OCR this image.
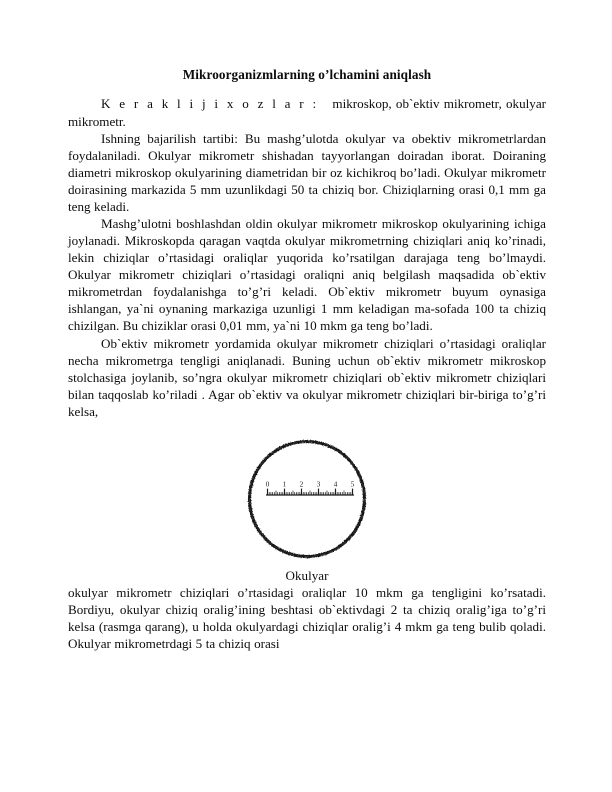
Mikroorganizmlarning o’lchamini aniqlash

K e r a k l i j i x o z l a r : mikroskop, ob`ektiv mikrometr, okulyar mikrometr.

Ishning bajarilish tartibi: Bu mashg’ulotda okulyar va obektiv mikrometrlardan foydalaniladi. Okulyar mikrometr shishadan tayyorlangan doiradan iborat. Doiraning diametri mikroskop okulyarining diametridan bir oz kichikroq bo’ladi. Okulyar mikrometr doirasining markazida 5 mm uzunlikdagi 50 ta chiziq bor. Chiziqlarning orasi 0,1 mm ga teng keladi.

Mashg’ulotni boshlashdan oldin okulyar mikrometr mikroskop okulyarining ichiga joylanadi. Mikroskopda qaragan vaqtda okulyar mikrometrning chiziqlari aniq ko’rinadi, lekin chiziqlar o’rtasidagi oraliqlar yuqorida ko’rsatilgan darajaga teng bo’lmaydi. Okulyar mikrometr chiziqlari o’rtasidagi oraliqni aniq belgilash maqsadida ob`ektiv mikrometrdan foydalanishga to’g’ri keladi. Ob`ektiv mikrometr buyum oynasiga ishlangan, ya`ni oynaning markaziga uzunligi 1 mm keladigan ma-sofada 100 ta chiziq chizilgan. Bu chiziklar orasi 0,01 mm, ya`ni 10 mkm ga teng bo’ladi.

Ob`ektiv mikrometr yordamida okulyar mikrometr chiziqlari o’rtasidagi oraliqlar necha mikrometrga tengligi aniqlanadi. Buning uchun ob`ektiv mikrometr mikroskop stolchasiga joylanib, so’ngra okulyar mikrometr chiziqlari ob`ektiv mikrometr chiziqlari bilan taqqoslab ko’riladi . Agar ob`ektiv va okulyar mikrometr chiziqlari bir-biriga to’g’ri kelsa,

0 1 2 3 4 5
Okulyar

okulyar mikrometr chiziqlari o’rtasidagi oraliqlar 10 mkm ga tengligini ko’rsatadi. Bordiyu, okulyar chiziq oralig’ining beshtasi ob`ektivdagi 2 ta chiziq oralig’iga to’g’ri kelsa (rasmga qarang), u holda okulyardagi chiziqlar oralig’i 4 mkm ga teng bulib qoladi. Okulyar mikrometrdagi 5 ta chiziq orasi
